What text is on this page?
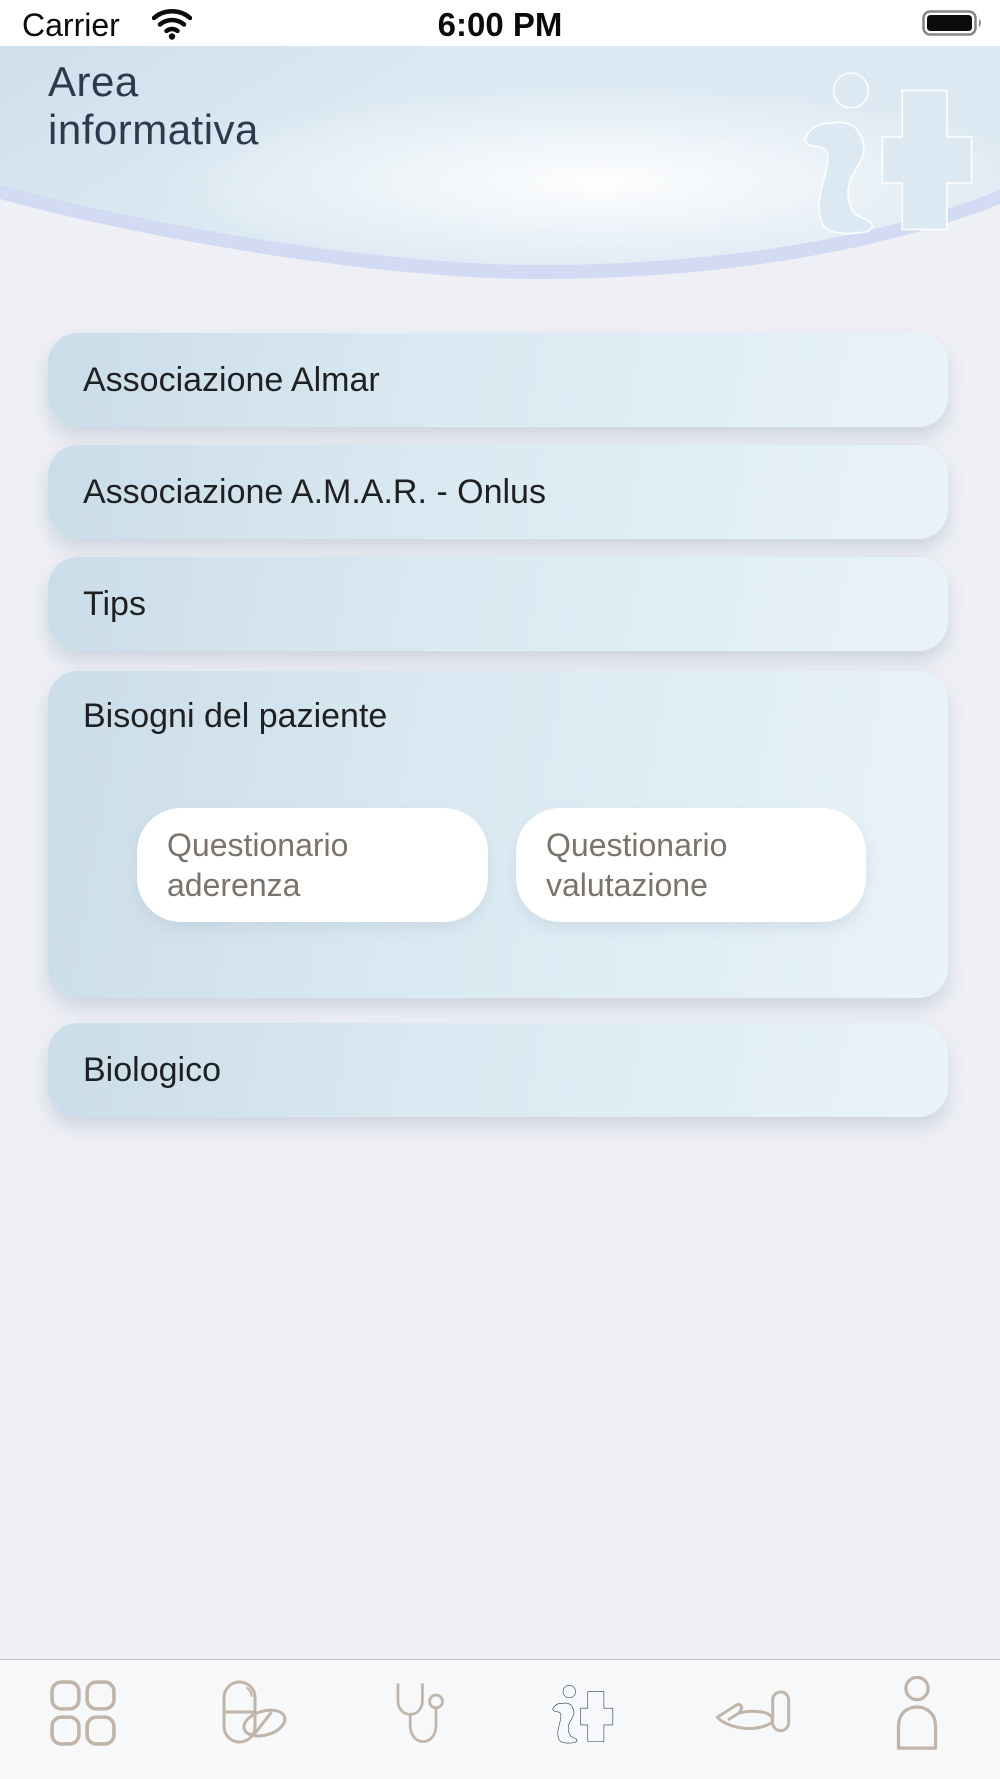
Carrier	6:00 PM
Area informativa
Associazione Almar
Associazione A.M.A.R. - Onlus
Tips
Bisogni del paziente
Questionario aderenza
Questionario valutazione
Biologico
